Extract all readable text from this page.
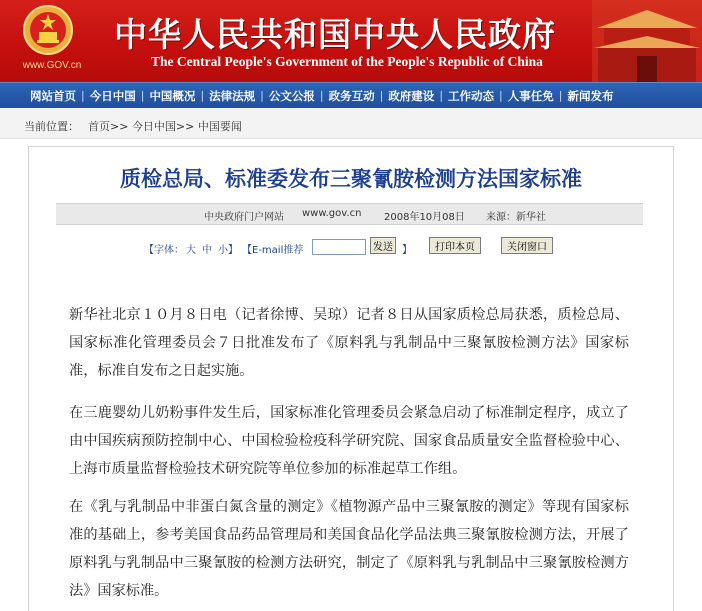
www.GOV.cn
中华人民共和国中央人民政府
The Central People's Government of the People's Republic of China
网站首页 | 今日中国 | 中国概况 | 法律法规 | 公文公报 | 政务互动 | 政府建设 | 工作动态 | 人事任免 | 新闻发布
当前位置： 首页>> 今日中国>> 中国要闻
质检总局、标准委发布三聚氰胺检测方法国家标准
中央政府门户网站 www.gov.cn 2008年10月08日 来源：新华社
【字体： 大 中 小】 【E-mail推荐	发送 】	打印本页	关闭窗口

新华社北京１０月８日电（记者徐博、吴琼）记者８日从国家质检总局获悉，质检总局、国家标准化管理委员会７日批准发布了《原料乳与乳制品中三聚氰胺检测方法》国家标准，标准自发布之日起实施。

在三鹿婴幼儿奶粉事件发生后，国家标准化管理委员会紧急启动了标准制定程序，成立了由中国疾病预防控制中心、中国检验检疫科学研究院、国家食品质量安全监督检验中心、上海市质量监督检验技术研究院等单位参加的标准起草工作组。

在《乳与乳制品中非蛋白氮含量的测定》《植物源产品中三聚氰胺的测定》等现有国家标准的基础上，参考美国食品药品管理局和美国食品化学品法典三聚氰胺检测方法，开展了原料乳与乳制品中三聚氰胺的检测方法研究，制定了《原料乳与乳制品中三聚氰胺检测方法》国家标准。
